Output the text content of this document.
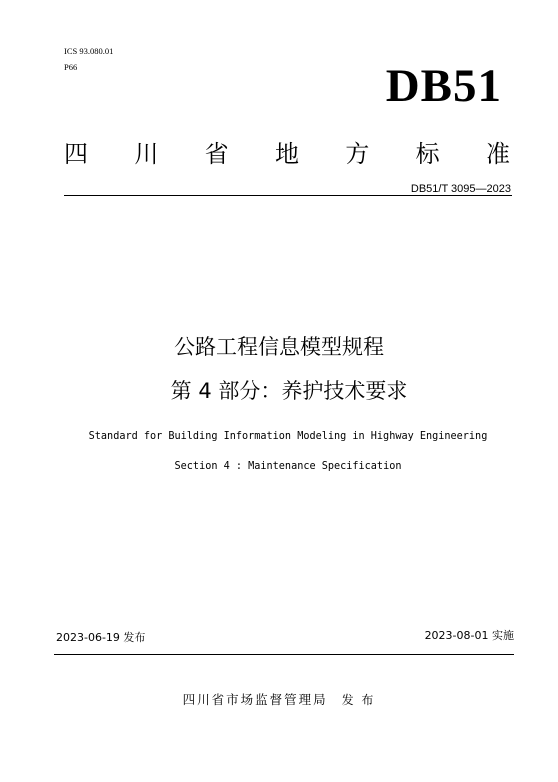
ICS 93.080.01
P66	DB51
四 川 省 地 方 标 准
DB51/T 3095—2023
公路工程信息模型规程
第 4 部分：养护技术要求
Standard for Building Information Modeling in Highway Engineering
Section 4 : Maintenance Specification
2023-06-19 发布	2023-08-01 实施
四川省市场监督管理局 发 布
